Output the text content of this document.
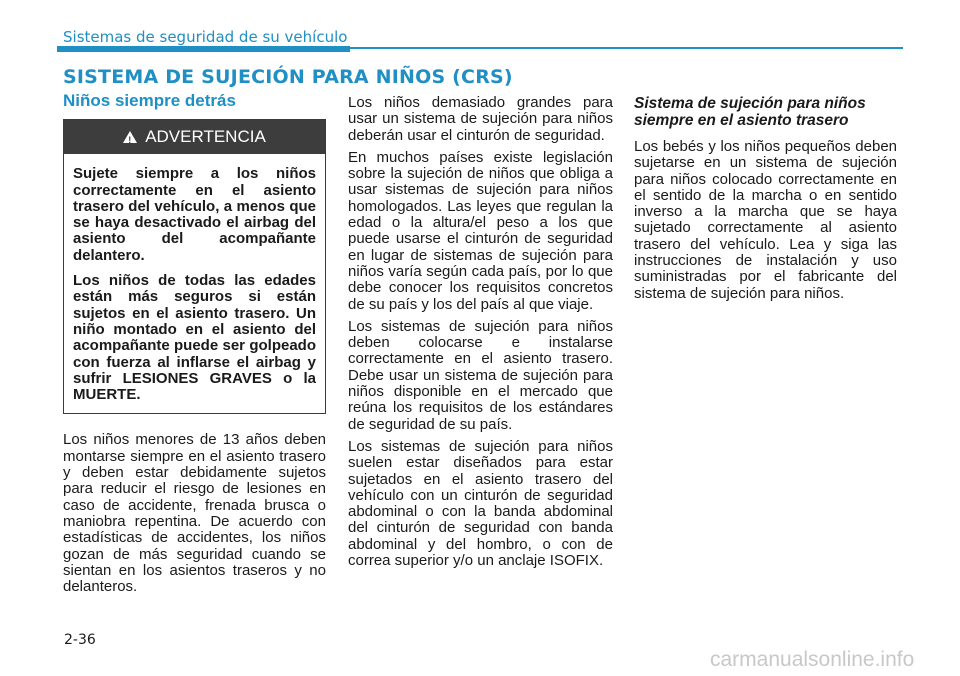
Sistemas de seguridad de su vehículo
SISTEMA DE SUJECIÓN PARA NIÑOS (CRS)
Niños siempre detrás
!
ADVERTENCIA

Sujete siempre a los niños correctamente en el asiento trasero del vehículo, a menos que se haya desactivado el airbag del asiento del acompañante delantero.

Los niños de todas las edades están más seguros si están sujetos en el asiento trasero. Un niño montado en el asiento del acompañante puede ser golpeado con fuerza al inflarse el airbag y sufrir LESIONES GRAVES o la MUERTE.

Los niños menores de 13 años deben montarse siempre en el asiento trasero y deben estar debidamente sujetos para reducir el riesgo de lesiones en caso de accidente, frenada brusca o maniobra repentina. De acuerdo con estadísticas de accidentes, los niños gozan de más seguridad cuando se sientan en los asientos traseros y no delanteros.

Los niños demasiado grandes para usar un sistema de sujeción para niños deberán usar el cinturón de seguridad.

En muchos países existe legislación sobre la sujeción de niños que obliga a usar sistemas de sujeción para niños homologados. Las leyes que regulan la edad o la altura/el peso a los que puede usarse el cinturón de seguridad en lugar de sistemas de sujeción para niños varía según cada país, por lo que debe conocer los requisitos concretos de su país y los del país al que viaje.

Los sistemas de sujeción para niños deben colocarse e instalarse correctamente en el asiento trasero. Debe usar un sistema de sujeción para niños disponible en el mercado que reúna los requisitos de los estándares de seguridad de su país.

Los sistemas de sujeción para niños suelen estar diseñados para estar sujetados en el asiento trasero del vehículo con un cinturón de seguridad abdominal o con la banda abdominal del cinturón de seguridad con banda abdominal y del hombro, o con de correa superior y/o un anclaje ISOFIX.

Sistema de sujeción para niños siempre en el asiento trasero

Los bebés y los niños pequeños deben sujetarse en un sistema de sujeción para niños colocado correctamente en el sentido de la marcha o en sentido inverso a la marcha que se haya sujetado correctamente al asiento trasero del vehículo. Lea y siga las instrucciones de instalación y uso suministradas por el fabricante del sistema de sujeción para niños.

2-36
carmanualsonline.info
